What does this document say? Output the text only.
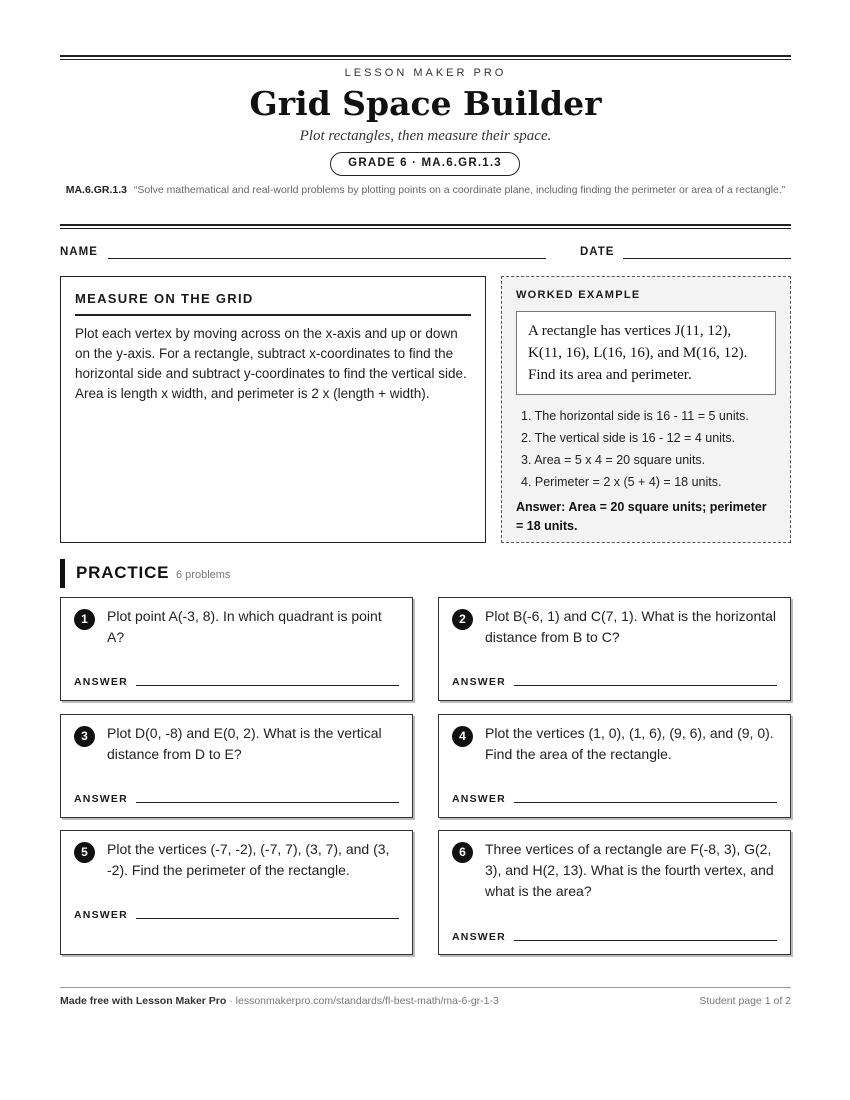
LESSON MAKER PRO
Grid Space Builder
Plot rectangles, then measure their space.
GRADE 6 · MA.6.GR.1.3
MA.6.GR.1.3 “Solve mathematical and real-world problems by plotting points on a coordinate plane, including finding the perimeter or area of a rectangle.”
NAME	DATE
MEASURE ON THE GRID
Plot each vertex by moving across on the x-axis and up or down on the y-axis. For a rectangle, subtract x-coordinates to find the horizontal side and subtract y-coordinates to find the vertical side. Area is length x width, and perimeter is 2 x (length + width).
WORKED EXAMPLE
A rectangle has vertices J(11, 12), K(11, 16), L(16, 16), and M(16, 12). Find its area and perimeter.
1. The horizontal side is 16 - 11 = 5 units.
2. The vertical side is 16 - 12 = 4 units.
3. Area = 5 x 4 = 20 square units.
4. Perimeter = 2 x (5 + 4) = 18 units.
Answer: Area = 20 square units; perimeter = 18 units.
PRACTICE 6 problems
1	Plot point A(-3, 8). In which quadrant is point A?
ANSWER
2	Plot B(-6, 1) and C(7, 1). What is the horizontal distance from B to C?
ANSWER
3	Plot D(0, -8) and E(0, 2). What is the vertical distance from D to E?
ANSWER
4	Plot the vertices (1, 0), (1, 6), (9, 6), and (9, 0). Find the area of the rectangle.
ANSWER
5	Plot the vertices (-7, -2), (-7, 7), (3, 7), and (3, -2). Find the perimeter of the rectangle.
ANSWER
6	Three vertices of a rectangle are F(-8, 3), G(2, 3), and H(2, 13). What is the fourth vertex, and what is the area?
ANSWER
Made free with Lesson Maker Pro · lessonmakerpro.com/standards/fl-best-math/ma-6-gr-1-3	Student page 1 of 2
